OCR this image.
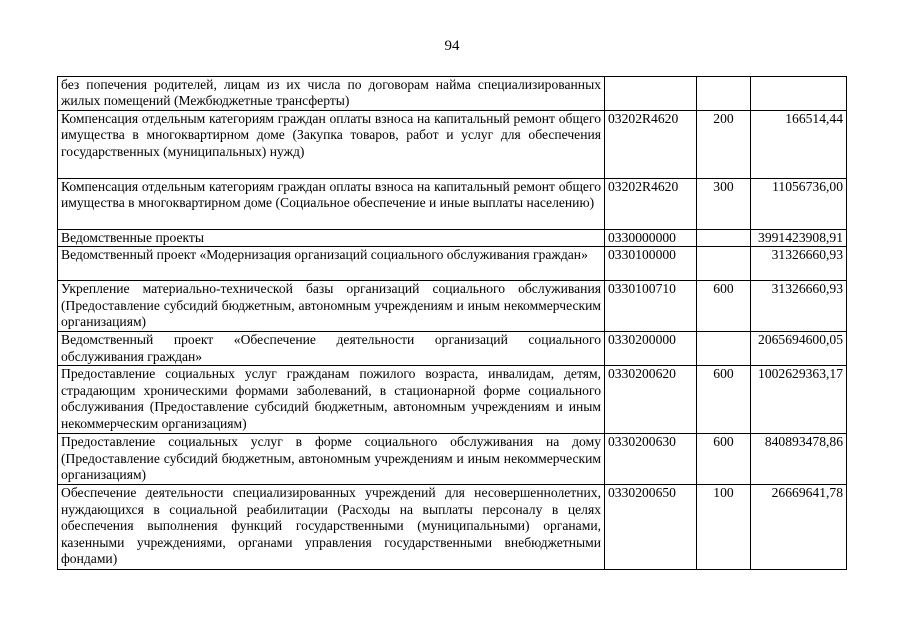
94
без попечения родителей, лицам из их числа по договорам найма специализированных жилых помещений (Межбюджетные трансферты)			
Компенсация отдельным категориям граждан оплаты взноса на капитальный ремонт общего имущества в многоквартирном доме (Закупка товаров, работ и услуг для обеспечения государственных (муниципальных) нужд)	03202R4620	200	166514,44
Компенсация отдельным категориям граждан оплаты взноса на капитальный ремонт общего имущества в многоквартирном доме (Социальное обеспечение и иные выплаты населению)	03202R4620	300	11056736,00
Ведомственные проекты	0330000000		3991423908,91
Ведомственный проект «Модернизация организаций социального обслуживания граждан»	0330100000		31326660,93
Укрепление материально-технической базы организаций социального обслуживания (Предоставление субсидий бюджетным, автономным учреждениям и иным некоммерческим организациям)	0330100710	600	31326660,93
Ведомственный проект «Обеспечение деятельности организаций социального обслуживания граждан»	0330200000		2065694600,05
Предоставление социальных услуг гражданам пожилого возраста, инвалидам, детям, страдающим хроническими формами заболеваний, в стационарной форме социального обслуживания (Предоставление субсидий бюджетным, автономным учреждениям и иным некоммерческим организациям)	0330200620	600	1002629363,17
Предоставление социальных услуг в форме социального обслуживания на дому (Предоставление субсидий бюджетным, автономным учреждениям и иным некоммерческим организациям)	0330200630	600	840893478,86
Обеспечение деятельности специализированных учреждений для несовершеннолетних, нуждающихся в социальной реабилитации (Расходы на выплаты персоналу в целях обеспечения выполнения функций государственными (муниципальными) органами, казенными учреждениями, органами управления государственными внебюджетными фондами)	0330200650	100	26669641,78
